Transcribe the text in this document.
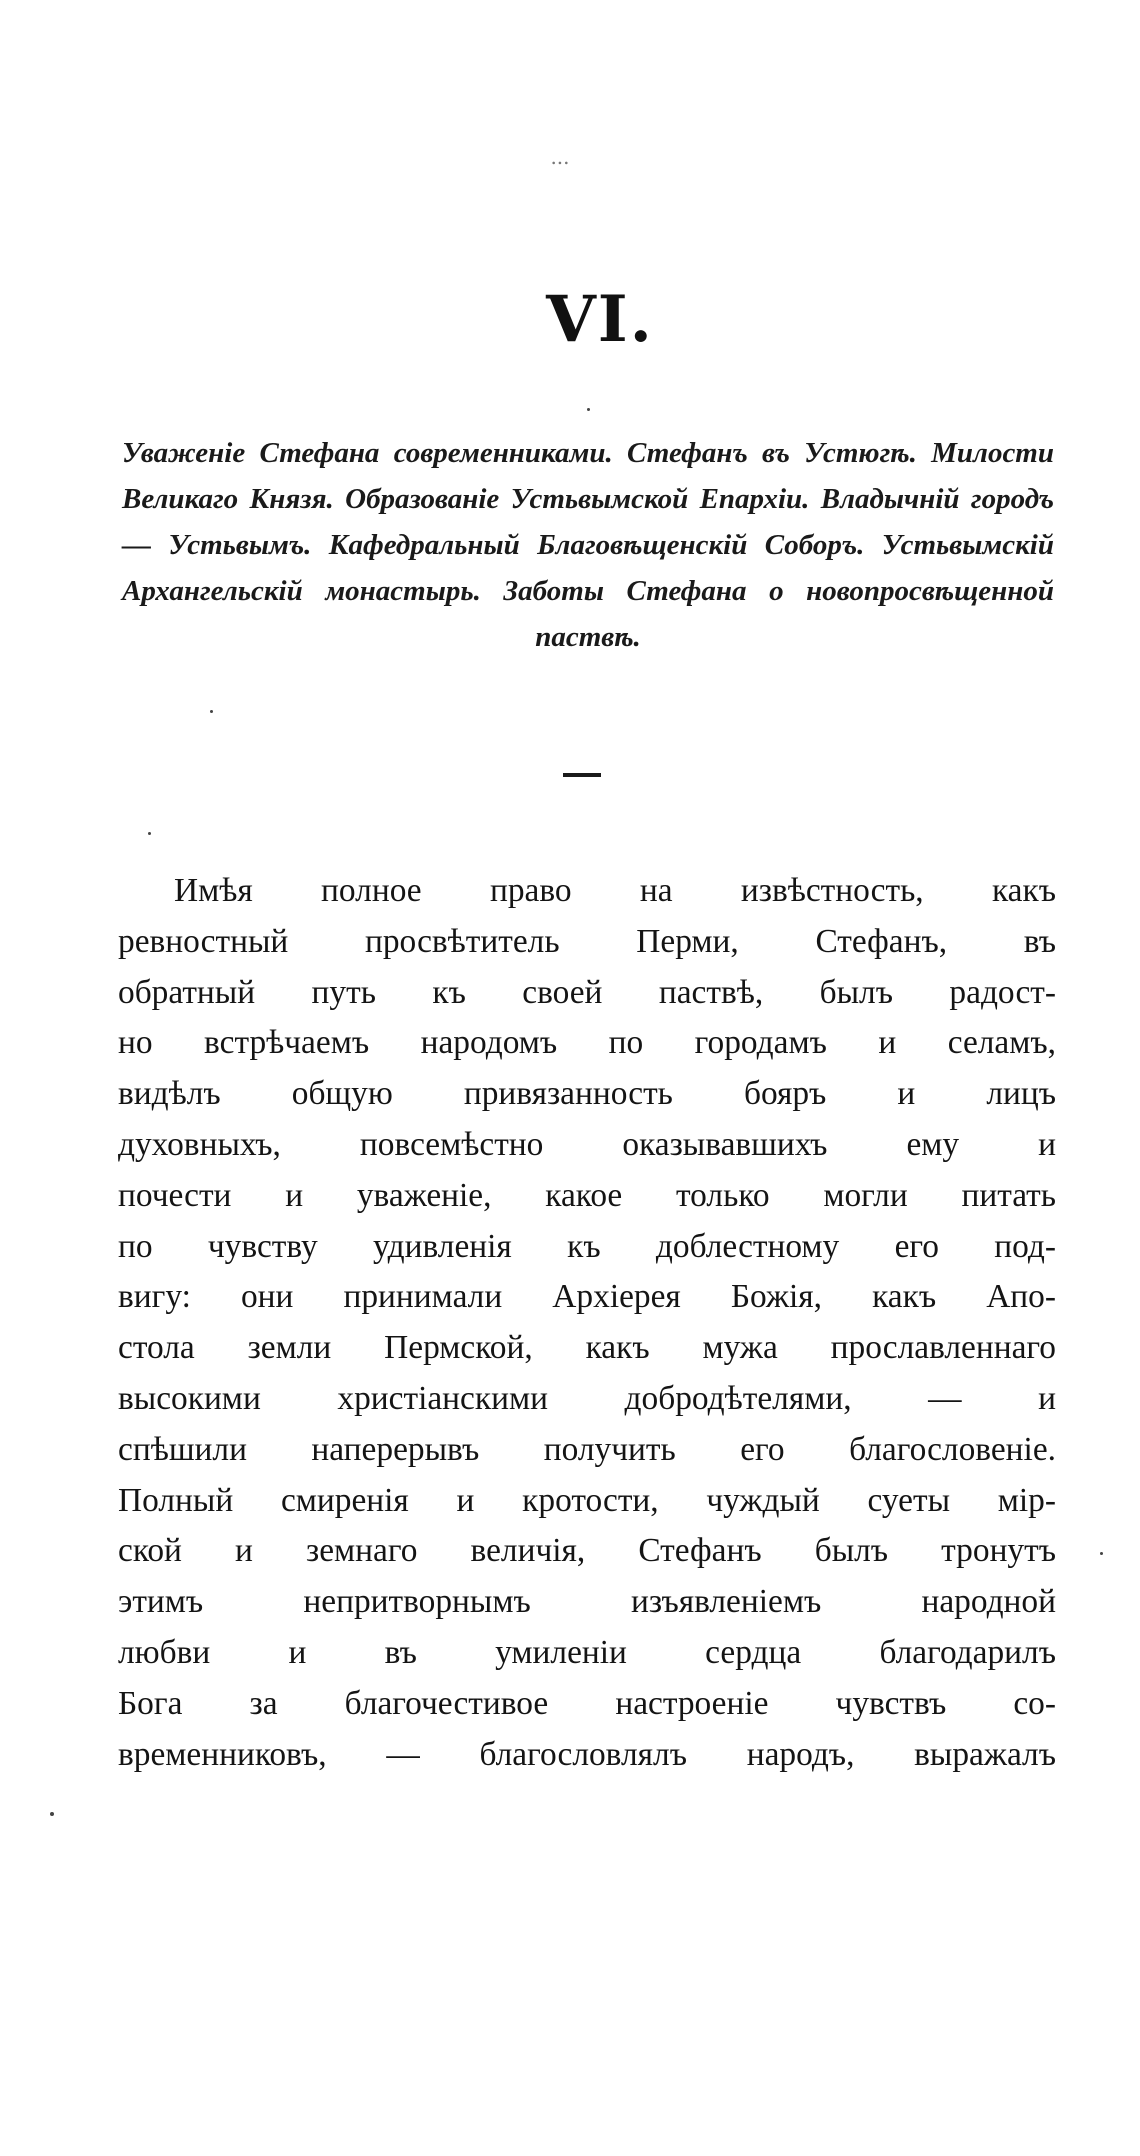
...
VI.
Уваженіе Стефана современниками. Стефанъ въ Устюгѣ. Милости Великаго Князя. Образованіе Устьвымской Епархіи. Владычній городъ — Устьвымъ. Кафедральный Благовѣщенскій Соборъ. Устьвымскій Архангельскій монастырь. Заботы Стефана о новопросвѣщенной паствѣ.
Имѣя полное право на извѣстность, какъ
ревностный просвѣтитель Перми, Стефанъ, въ
обратный путь къ своей паствѣ, былъ радост-
но встрѣчаемъ народомъ по городамъ и селамъ,
видѣлъ общую привязанность бояръ и лицъ
духовныхъ, повсемѣстно оказывавшихъ ему и
почести и уваженіе, какое только могли питать
по чувству удивленія къ доблестному его под-
вигу: они принимали Архіерея Божія, какъ Апо-
стола земли Пермской, какъ мужа прославленнаго
высокими христіанскими добродѣтелями, — и
спѣшили наперерывъ получить его благословеніе.
Полный смиренія и кротости, чуждый суеты мір-
ской и земнаго величія, Стефанъ былъ тронутъ
этимъ непритворнымъ изъявленіемъ народной
любви и въ умиленіи сердца благодарилъ
Бога за благочестивое настроеніе чувствъ со-
временниковъ, — благословлялъ народъ, выражалъ
